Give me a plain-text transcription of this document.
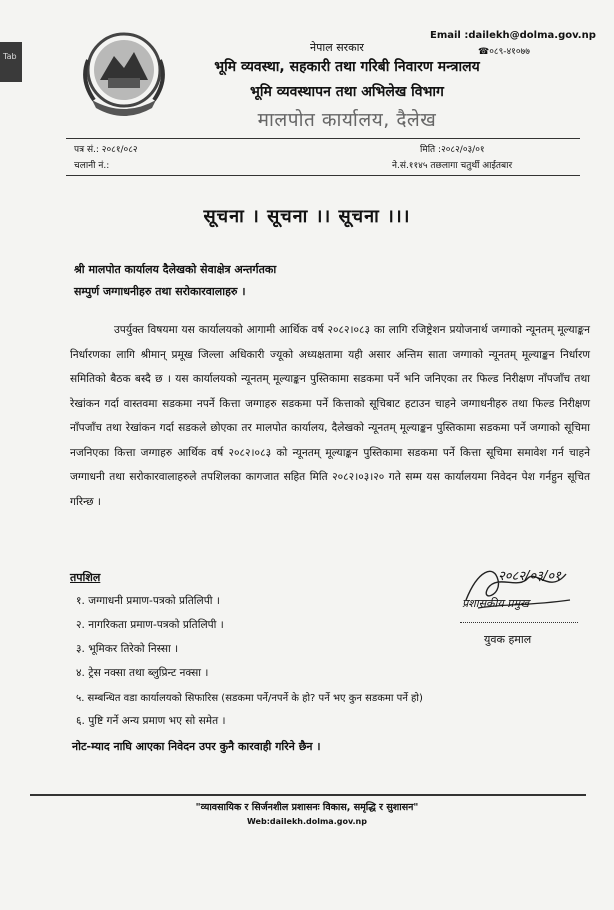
Tab
नेपाल सरकार
भूमि व्यवस्था, सहकारी तथा गरिबी निवारण मन्त्रालय
भूमि व्यवस्थापन तथा अभिलेख विभाग
मालपोत कार्यालय, दैलेख
Email :dailekh@dolma.gov.np
☎०८९-४१०७७
पत्र सं.: २०८१/०८२
चलानी नं.:
मिति :२०८२/०३/०१
ने.सं.११४५ तछलागा चतुर्थी आईतबार
सूचना । सूचना ।। सूचना ।।।
श्री मालपोत कार्यालय दैलेखको सेवाक्षेत्र अन्तर्गतका
सम्पुर्ण जग्गाधनीहरु तथा सरोकारवालाहरु ।

उपर्युक्त विषयमा यस कार्यालयको आगामी आर्थिक वर्ष २०८२।०८३ का लागि रजिष्ट्रेशन प्रयोजनार्थ जग्गाको न्यूनतम् मूल्याङ्कन निर्धारणका लागि श्रीमान् प्रमूख जिल्ला अधिकारी ज्यूको अध्यक्षतामा यही असार अन्तिम साता जग्गाको न्यूनतम् मूल्याङ्कन निर्धारण समितिको बैठक बस्दै छ । यस कार्यालयको न्यूनतम् मूल्याङ्कन पुस्तिकामा सडकमा पर्ने भनि जनिएका तर फिल्ड निरीक्षण नाँपजाँच तथा रेखांकन गर्दा वास्तवमा सडकमा नपर्ने कित्ता जग्गाहरु सडकमा पर्ने कित्ताको सूचिबाट हटाउन चाहने जग्गाधनीहरु तथा फिल्ड निरीक्षण नाँपजाँच तथा रेखांकन गर्दा सडकले छोएका तर मालपोत कार्यालय, दैलेखको न्यूनतम् मूल्याङ्कन पुस्तिकामा सडकमा पर्ने जग्गाको सूचिमा नजनिएका कित्ता जग्गाहरु आर्थिक वर्ष २०८२।०८३ को न्यूनतम् मूल्याङ्कन पुस्तिकामा सडकमा पर्ने कित्ता सूचिमा समावेश गर्न चाहने जग्गाधनी तथा सरोकारवालाहरुले तपशिलका कागजात सहित मिति २०८२।०३।२० गते सम्म यस कार्यालयमा निवेदन पेश गर्नहुन सूचित गरिन्छ ।

तपशिल
१. जग्गाधनी प्रमाण-पत्रको प्रतिलिपी ।
२. नागरिकता प्रमाण-पत्रको प्रतिलिपी ।
३. भूमिकर तिरेको निस्सा ।
४. ट्रेस नक्सा तथा ब्लुप्रिन्ट नक्सा ।
५. सम्बन्धित वडा कार्यालयको सिफारिस (सडकमा पर्ने/नपर्ने के हो? पर्ने भए कुन सडकमा पर्ने हो)
६. पुष्टि गर्ने अन्य प्रमाण भए सो समेत ।
नोट-म्याद नाघि आएका निवेदन उपर कुनै कारवाही गरिने छैन ।
२०८२/०३/०१
प्रशासकीय प्रमुख
युवक हमाल
"व्यावसायिक र सिर्जनशील प्रशासनः विकास, समृद्धि र सुशासन"
Web:dailekh.dolma.gov.np
